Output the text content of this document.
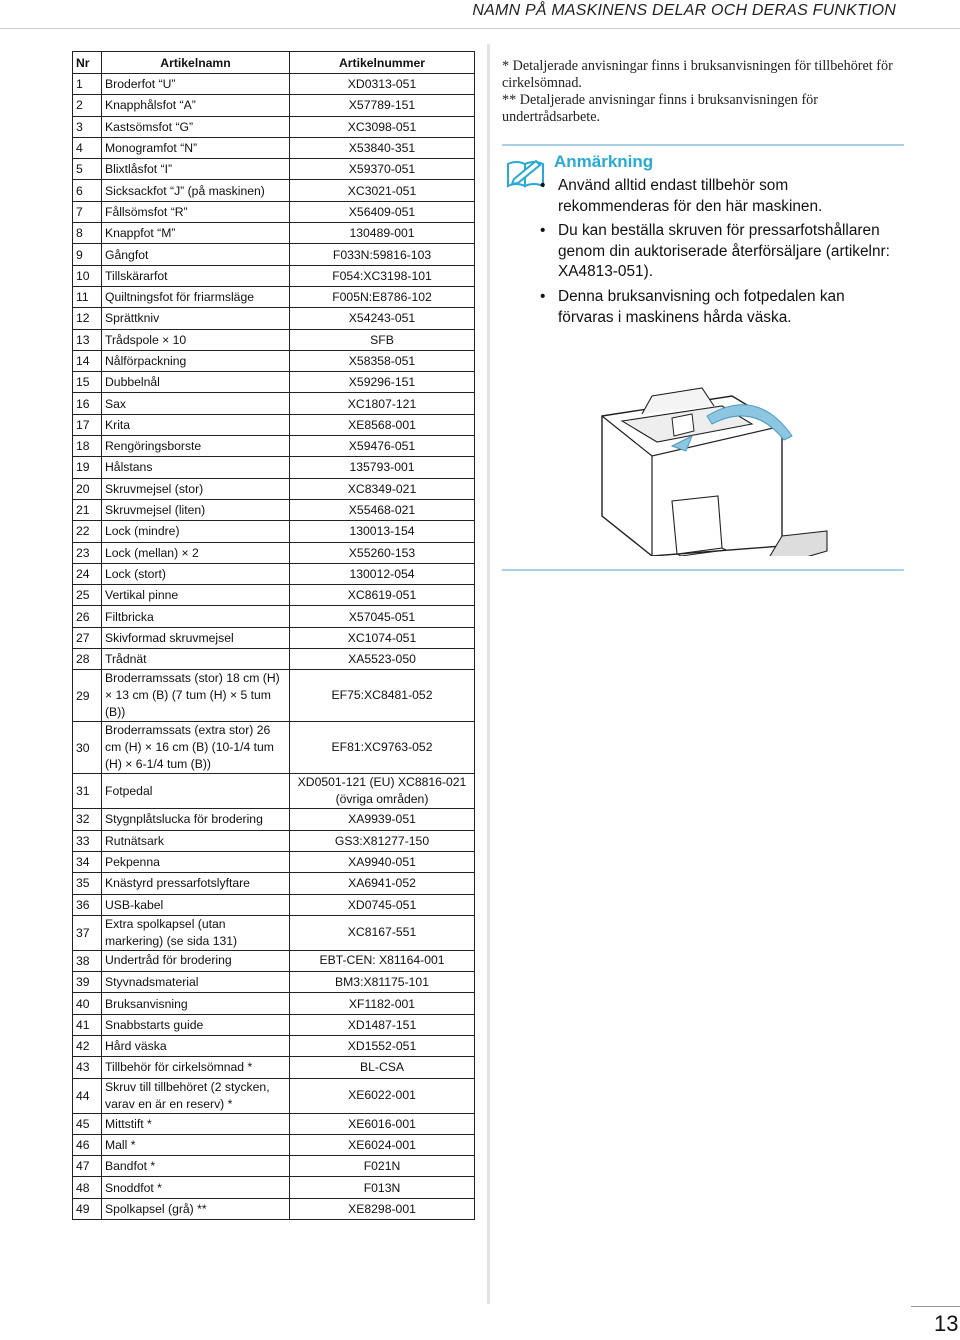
NAMN PÅ MASKINENS DELAR OCH DERAS FUNKTION
Nr	Artikelnamn	Artikelnummer
1	Broderfot “U”	XD0313-051
2	Knapphålsfot “A”	X57789-151
3	Kastsömsfot “G”	XC3098-051
4	Monogramfot “N”	X53840-351
5	Blixtlåsfot “I”	X59370-051
6	Sicksackfot “J” (på maskinen)	XC3021-051
7	Fållsömsfot “R”	X56409-051
8	Knappfot “M”	130489-001
9	Gångfot	F033N:59816-103
10	Tillskärarfot	F054:XC3198-101
11	Quiltningsfot för friarmsläge	F005N:E8786-102
12	Sprättkniv	X54243-051
13	Trådspole × 10	SFB
14	Nålförpackning	X58358-051
15	Dubbelnål	X59296-151
16	Sax	XC1807-121
17	Krita	XE8568-001
18	Rengöringsborste	X59476-051
19	Hålstans	135793-001
20	Skruvmejsel (stor)	XC8349-021
21	Skruvmejsel (liten)	X55468-021
22	Lock (mindre)	130013-154
23	Lock (mellan) × 2	X55260-153
24	Lock (stort)	130012-054
25	Vertikal pinne	XC8619-051
26	Filtbricka	X57045-051
27	Skivformad skruvmejsel	XC1074-051
28	Trådnät	XA5523-050
29	Broderramssats (stor) 18 cm (H) × 13 cm (B) (7 tum (H) × 5 tum (B))	EF75:XC8481-052
30	Broderramssats (extra stor) 26 cm (H) × 16 cm (B) (10-1/4 tum (H) × 6-1/4 tum (B))	EF81:XC9763-052
31	Fotpedal	XD0501-121 (EU) XC8816-021 (övriga områden)
32	Stygnplåtslucka för brodering	XA9939-051
33	Rutnätsark	GS3:X81277-150
34	Pekpenna	XA9940-051
35	Knästyrd pressarfotslyftare	XA6941-052
36	USB-kabel	XD0745-051
37	Extra spolkapsel (utan markering) (se sida 131)	XC8167-551
38	Undertråd för brodering	EBT-CEN: X81164-001
39	Styvnadsmaterial	BM3:X81175-101
40	Bruksanvisning	XF1182-001
41	Snabbstarts guide	XD1487-151
42	Hård väska	XD1552-051
43	Tillbehör för cirkelsömnad *	BL-CSA
44	Skruv till tillbehöret (2 stycken, varav en är en reserv) *	XE6022-001
45	Mittstift *	XE6016-001
46	Mall *	XE6024-001
47	Bandfot *	F021N
48	Snoddfot *	F013N
49	Spolkapsel (grå) **	XE8298-001

* Detaljerade anvisningar finns i bruksanvisningen för tillbehöret för cirkelsömnad.

** Detaljerade anvisningar finns i bruksanvisningen för undertrådsarbete.

Anmärkning

• Använd alltid endast tillbehör som rekommenderas för den här maskinen.
• Du kan beställa skruven för pressarfotshållaren genom din auktoriserade återförsäljare (artikelnr: XA4813-051).
• Denna bruksanvisning och fotpedalen kan förvaras i maskinens hårda väska.
13
